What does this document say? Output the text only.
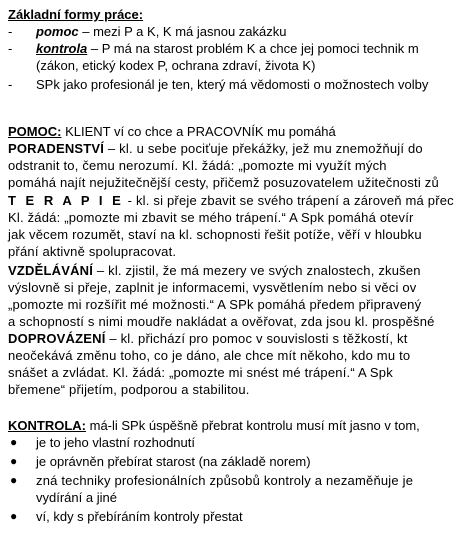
Základní formy práce:
-	pomoc – mezi P a K, K má jasnou zakázku
-	kontrola – P má na starost problém K a chce jej pomoci technik m
(zákon, etický kodex P, ochrana zdraví, života K)
-	SPk jako profesionál je ten, který má vědomosti o možnostech volby
POMOC: KLIENT ví co chce a PRACOVNÍK mu pomáhá
PORADENSTVÍ – kl. u sebe pociťuje překážky, jež mu znemožňují do
odstranit to, čemu nerozumí. Kl. žádá: „pomozte mi využít mých
pomáhá najít nejužitečnější cesty, přičemž posuzovatelem užitečnosti zů
T E R A P I E - kl. si přeje zbavit se svého trápení a zároveň má přec
Kl. žádá: „pomozte mi zbavit se mého trápení.“ A Spk pomáhá otevír
jak věcem rozumět, staví na kl. schopnosti řešit potíže, věří v hloubku
přání aktivně spolupracovat.
VZDĚLÁVÁNÍ – kl. zjistil, že má mezery ve svých znalostech, zkušen
výslovně si přeje, zaplnit je informacemi, vysvětlením nebo si věci ov
„pomozte mi rozšířit mé možnosti.“ A SPk pomáhá předem připravený
a schopností s nimi moudře nakládat a ověřovat, zda jsou kl. prospěšné
DOPROVÁZENÍ – kl. přichází pro pomoc v souvislosti s těžkostí, kt
neočekává změnu toho, co je dáno, ale chce mít někoho, kdo mu to
snášet a zvládat. Kl. žádá: „pomozte mi snést mé trápení.“ A Spk
břemene“ přijetím, podporou a stabilitou.
KONTROLA: má-li SPk úspěšně přebrat kontrolu musí mít jasno v tom,
● je to jeho vlastní rozhodnutí
● je oprávněn přebírat starost (na základě norem)
● zná techniky profesionálních způsobů kontroly a nezaměňuje je
vydírání a jiné
● ví, kdy s přebíráním kontroly přestat
